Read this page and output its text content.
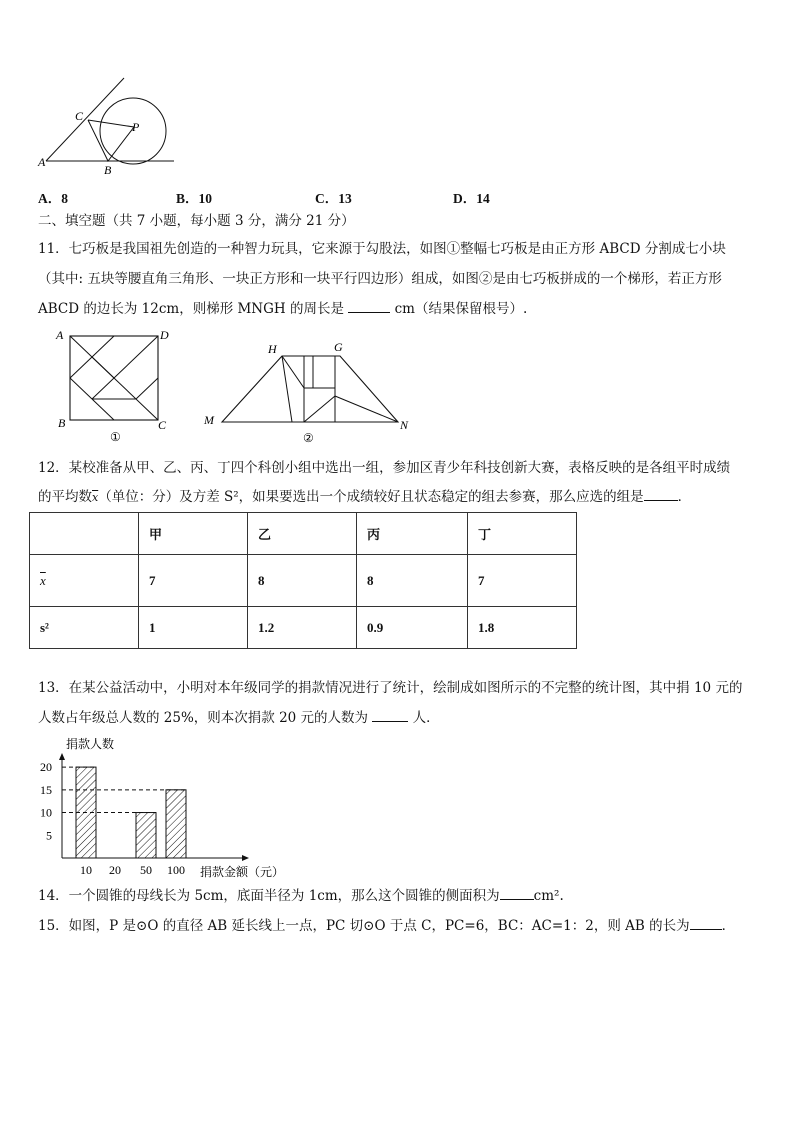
A
C
P
B
A．8	B．10	C．13	D．14
二、填空题（共 7 小题，每小题 3 分，满分 21 分）
11．七巧板是我国祖先创造的一种智力玩具，它来源于勾股法，如图①整幅七巧板是由正方形 ABCD 分割成七小块
（其中: 五块等腰直角三角形、一块正方形和一块平行四边形）组成，如图②是由七巧板拼成的一个梯形，若正方形
ABCD 的边长为 12cm，则梯形 MNGH 的周长是	cm（结果保留根号）.
A	D
B	C
①
H	G
M	N
②
12．某校准备从甲、乙、丙、丁四个科创小组中选出一组，参加区青少年科技创新大赛，表格反映的是各组平时成绩
的平均数$\overline{x}$（单位：分）及方差 S²，如果要选出一个成绩较好且状态稳定的组去参赛，那么应选的组是	．
	甲	乙	丙	丁
$\overline{x}$	7	8	8	7
s²	1	1.2	0.9	1.8
13．在某公益活动中，小明对本年级同学的捐款情况进行了统计，绘制成如图所示的不完整的统计图，其中捐 10 元的
人数占年级总人数的 25%，则本次捐款 20 元的人数为	人．
捐款人数
捐款金额（元）
5
10
15
20
10 20 50 100
14．一个圆锥的母线长为 5cm，底面半径为 1cm，那么这个圆锥的侧面积为	cm².
15．如图，P 是⊙O 的直径 AB 延长线上一点，PC 切⊙O 于点 C，PC=6，BC：AC=1：2，则 AB 的长为 ．
